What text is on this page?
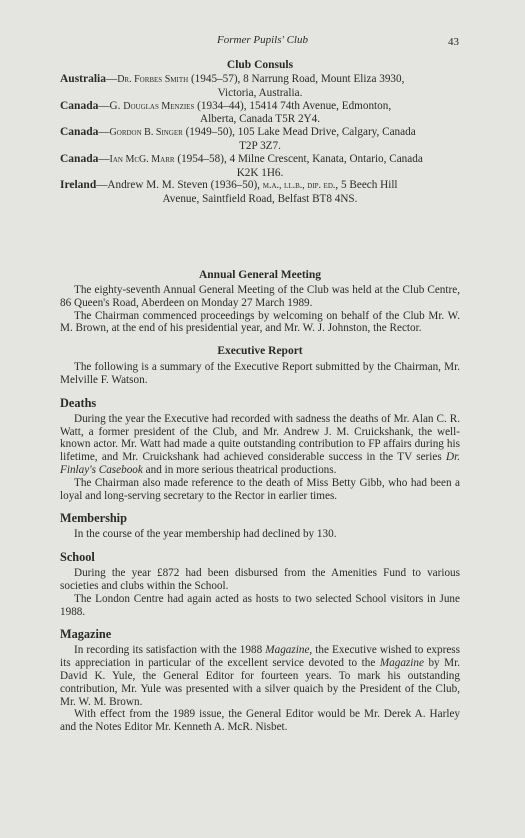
Former Pupils' Club	43
Club Consuls
Australia—Dr. Forbes Smith (1945–57), 8 Narrung Road, Mount Eliza 3930,
Victoria, Australia.
Canada—G. Douglas Menzies (1934–44), 15414 74th Avenue, Edmonton,
Alberta, Canada T5R 2Y4.
Canada—Gordon B. Singer (1949–50), 105 Lake Mead Drive, Calgary, Canada
T2P 3Z7.
Canada—Ian McG. Marr (1954–58), 4 Milne Crescent, Kanata, Ontario, Canada
K2K 1H6.
Ireland—Andrew M. M. Steven (1936–50), m.a., ll.b., dip. ed., 5 Beech Hill
Avenue, Saintfield Road, Belfast BT8 4NS.
Annual General Meeting

The eighty-seventh Annual General Meeting of the Club was held at the Club Centre, 86 Queen's Road, Aberdeen on Monday 27 March 1989.

The Chairman commenced proceedings by welcoming on behalf of the Club Mr. W. M. Brown, at the end of his presidential year, and Mr. W. J. Johnston, the Rector.

Executive Report

The following is a summary of the Executive Report submitted by the Chairman, Mr. Melville F. Watson.

Deaths

During the year the Executive had recorded with sadness the deaths of Mr. Alan C. R. Watt, a former president of the Club, and Mr. Andrew J. M. Cruickshank, the well-known actor. Mr. Watt had made a quite outstanding contribution to FP affairs during his lifetime, and Mr. Cruickshank had achieved considerable success in the TV series Dr. Finlay's Casebook and in more serious theatrical productions.

The Chairman also made reference to the death of Miss Betty Gibb, who had been a loyal and long-serving secretary to the Rector in earlier times.

Membership

In the course of the year membership had declined by 130.

School

During the year £872 had been disbursed from the Amenities Fund to various societies and clubs within the School.

The London Centre had again acted as hosts to two selected School visitors in June 1988.

Magazine

In recording its satisfaction with the 1988 Magazine, the Executive wished to express its appreciation in particular of the excellent service devoted to the Magazine by Mr. David K. Yule, the General Editor for fourteen years. To mark his outstanding contribution, Mr. Yule was presented with a silver quaich by the President of the Club, Mr. W. M. Brown.

With effect from the 1989 issue, the General Editor would be Mr. Derek A. Harley and the Notes Editor Mr. Kenneth A. McR. Nisbet.
